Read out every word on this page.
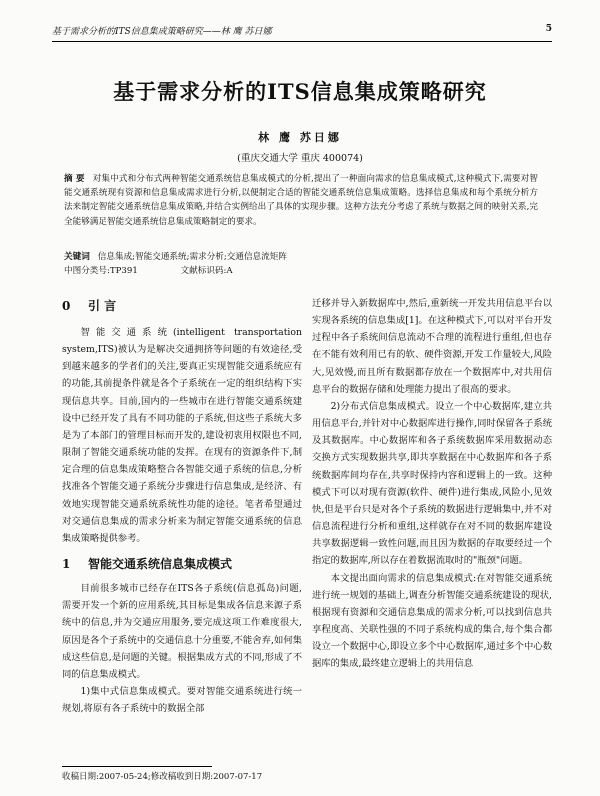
基于需求分析的ITS信息集成策略研究——林 鹰 苏日娜	5
基于需求分析的ITS信息集成策略研究
林 鹰 苏日娜
(重庆交通大学 重庆 400074)
摘 要 对集中式和分布式两种智能交通系统信息集成模式的分析,提出了一种面向需求的信息集成模式,这种模式下,需要对智能交通系统现有资源和信息集成需求进行分析,以便制定合适的智能交通系统信息集成策略。选择信息集成和每个系统分析方法来制定智能交通系统信息集成策略,并结合实例给出了具体的实现步骤。这种方法充分考虑了系统与数据之间的映射关系,完全能够满足智能交通系统信息集成策略制定的要求。
关键词 信息集成;智能交通系统;需求分析;交通信息流矩阵
中图分类号:TP391	文献标识码:A
0 引 言

智能交通系统(intelligent transportation system,ITS)被认为是解决交通拥挤等问题的有效途径,受到越来越多的学者们的关注,要真正实现智能交通系统应有的功能,其前提条件就是各个子系统在一定的组织结构下实现信息共享。目前,国内的一些城市在进行智能交通系统建设中已经开发了具有不同功能的子系统,但这些子系统大多是为了本部门的管理目标而开发的,建设初衷用权限也不同,限制了智能交通系统功能的发挥。在现有的资源条件下,制定合理的信息集成策略整合各智能交通子系统的信息,分析找准各个智能交通子系统分步骤进行信息集成,是经济、有效地实现智能交通系统系统性功能的途径。笔者希望通过对交通信息集成的需求分析来为制定智能交通系统的信息集成策略提供参考。

1 智能交通系统信息集成模式

目前很多城市已经存在ITS各子系统(信息孤岛)问题,需要开发一个新的应用系统,其目标是集成各信息来源子系统中的信息,并为交通应用服务,要完成这项工作难度很大,原因是各个子系统中的交通信息十分重要,不能舍弃,如何集成这些信息,是问题的关键。根据集成方式的不同,形成了不同的信息集成模式。

1)集中式信息集成模式。要对智能交通系统进行统一规划,将原有各子系统中的数据全部

迁移并导入新数据库中,然后,重新统一开发共用信息平台以实现各系统的信息集成[1]。在这种模式下,可以对平台开发过程中各子系统间信息流动不合理的流程进行重组,但也存在不能有效利用已有的软、硬件资源,开发工作量较大,风险大,见效慢,而且所有数据都存放在一个数据库中,对共用信息平台的数据存储和处理能力提出了很高的要求。

2)分布式信息集成模式。设立一个中心数据库,建立共用信息平台,并针对中心数据库进行操作,同时保留各子系统及其数据库。中心数据库和各子系统数据库采用数据动态交换方式实现数据共享,即共享数据在中心数据库和各子系统数据库间均存在,共享时保持内容和逻辑上的一致。这种模式下可以对现有资源(软件、硬件)进行集成,风险小,见效快,但是平台只是对各个子系统的数据进行逻辑集中,并不对信息流程进行分析和重组,这样就存在对不同的数据库建设共享数据逻辑一致性问题,而且因为数据的存取要经过一个指定的数据库,所以存在着数据流取时的"瓶颈"问题。

本文提出面向需求的信息集成模式:在对智能交通系统进行统一规划的基础上,调查分析智能交通系统建设的现状,根据现有资源和交通信息集成的需求分析,可以找到信息共享程度高、关联性强的不同子系统构成的集合,每个集合都设立一个数据中心,即设立多个中心数据库,通过多个中心数据库的集成,最终建立逻辑上的共用信息

收稿日期:2007-05-24;修改稿收到日期:2007-07-17
